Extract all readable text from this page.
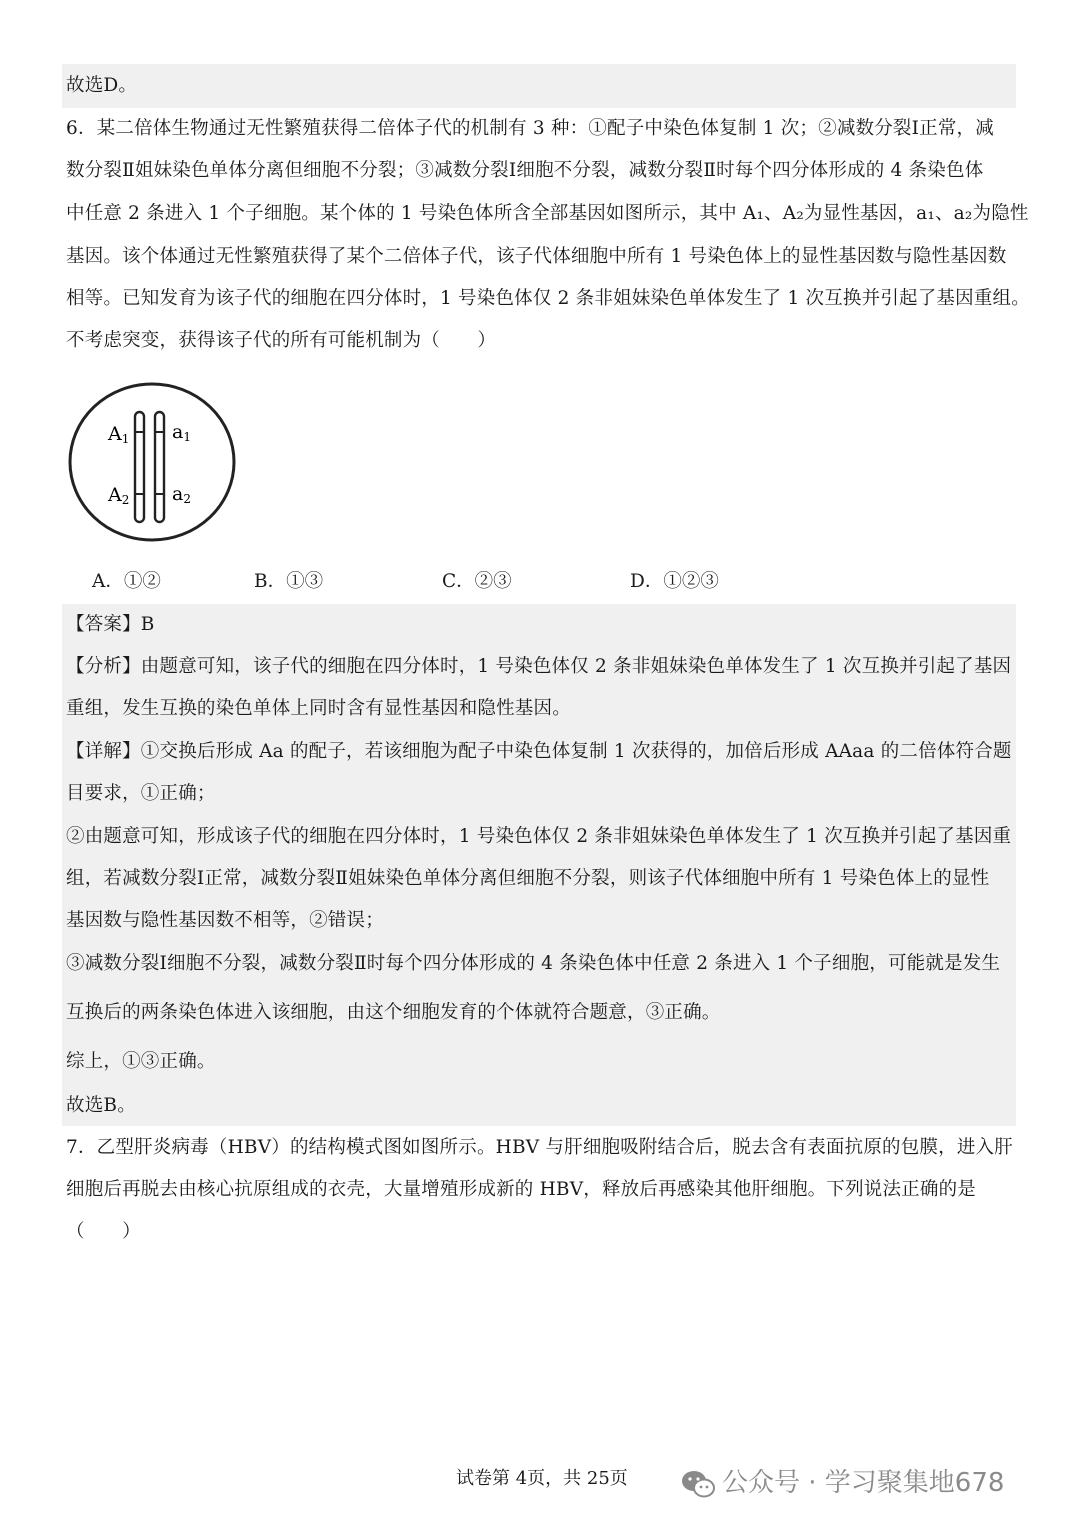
故选D。
6．某二倍体生物通过无性繁殖获得二倍体子代的机制有 3 种：①配子中染色体复制 1 次；②减数分裂Ⅰ正常，减
数分裂Ⅱ姐妹染色单体分离但细胞不分裂；③减数分裂Ⅰ细胞不分裂，减数分裂Ⅱ时每个四分体形成的 4 条染色体
中任意 2 条进入 1 个子细胞。某个体的 1 号染色体所含全部基因如图所示，其中 A₁、A₂为显性基因，a₁、a₂为隐性
基因。该个体通过无性繁殖获得了某个二倍体子代，该子代体细胞中所有 1 号染色体上的显性基因数与隐性基因数
相等。已知发育为该子代的细胞在四分体时，1 号染色体仅 2 条非姐妹染色单体发生了 1 次互换并引起了基因重组。
不考虑突变，获得该子代的所有可能机制为（　　）
A1
A2
a1
a2
A．①②	B．①③	C．②③	D．①②③
【答案】B
【分析】由题意可知，该子代的细胞在四分体时，1 号染色体仅 2 条非姐妹染色单体发生了 1 次互换并引起了基因
重组，发生互换的染色单体上同时含有显性基因和隐性基因。
【详解】①交换后形成 Aa 的配子，若该细胞为配子中染色体复制 1 次获得的，加倍后形成 AAaa 的二倍体符合题
目要求，①正确；
②由题意可知，形成该子代的细胞在四分体时，1 号染色体仅 2 条非姐妹染色单体发生了 1 次互换并引起了基因重
组，若减数分裂Ⅰ正常，减数分裂Ⅱ姐妹染色单体分离但细胞不分裂，则该子代体细胞中所有 1 号染色体上的显性
基因数与隐性基因数不相等，②错误；
③减数分裂Ⅰ细胞不分裂，减数分裂Ⅱ时每个四分体形成的 4 条染色体中任意 2 条进入 1 个子细胞，可能就是发生
互换后的两条染色体进入该细胞，由这个细胞发育的个体就符合题意，③正确。
综上，①③正确。
故选B。
7．乙型肝炎病毒（HBV）的结构模式图如图所示。HBV 与肝细胞吸附结合后，脱去含有表面抗原的包膜，进入肝
细胞后再脱去由核心抗原组成的衣壳，大量增殖形成新的 HBV，释放后再感染其他肝细胞。下列说法正确的是
（　　）
试卷第 4页，共 25页	公众号 · 学习聚集地678
